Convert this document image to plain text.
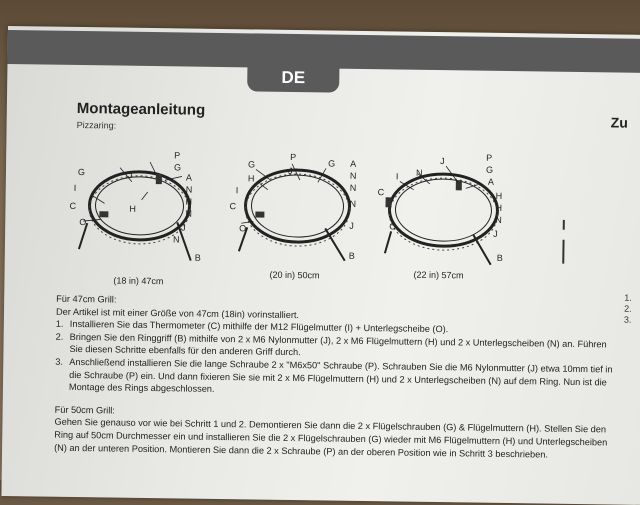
DE
Montageanleitung
Pizzaring:	Zu
1.
2.
3.
P
G	J
G
A
N
I
H
N
C	H
J
O
N
B
(18 in) 47cm
G
P
G A
H
J	N
I	N
N
C
O	J
B
(20 in) 50cm
J	P
N	G
I
A
C	H
H
N
O
J
B
(22 in) 57cm

Für 47cm Grill:

Der Artikel ist mit einer Größe von 47cm (18in) vorinstalliert.

1. Installieren Sie das Thermometer (C) mithilfe der M12 Flügelmutter (I) + Unterlegscheibe (O).

2. Bringen Sie den Ringgriff (B) mithilfe von 2 x M6 Nylonmutter (J), 2 x M6 Flügelmuttern (H) und 2 x Unterlegscheiben (N) an. Führen Sie diesen Schritte ebenfalls für den anderen Griff durch.

3. Anschließend installieren Sie die lange Schraube 2 x "M6x50" Schraube (P). Schrauben Sie die M6 Nylonmutter (J) etwa 10mm tief in die Schraube (P) ein. Und dann fixieren Sie sie mit 2 x M6 Flügelmuttern (H) und 2 x Unterlegscheiben (N) auf dem Ring. Nun ist die Montage des Rings abgeschlossen.

Für 50cm Grill:

Gehen Sie genauso vor wie bei Schritt 1 und 2. Demontieren Sie dann die 2 x Flügelschrauben (G) & Flügelmuttern (H). Stellen Sie den Ring auf 50cm Durchmesser ein und installieren Sie die 2 x Flügelschrauben (G) wieder mit M6 Flügelmuttern (H) und Unterlegscheiben (N) an der unteren Position. Montieren Sie dann die 2 x Schraube (P) an der oberen Position wie in Schritt 3 beschrieben.
